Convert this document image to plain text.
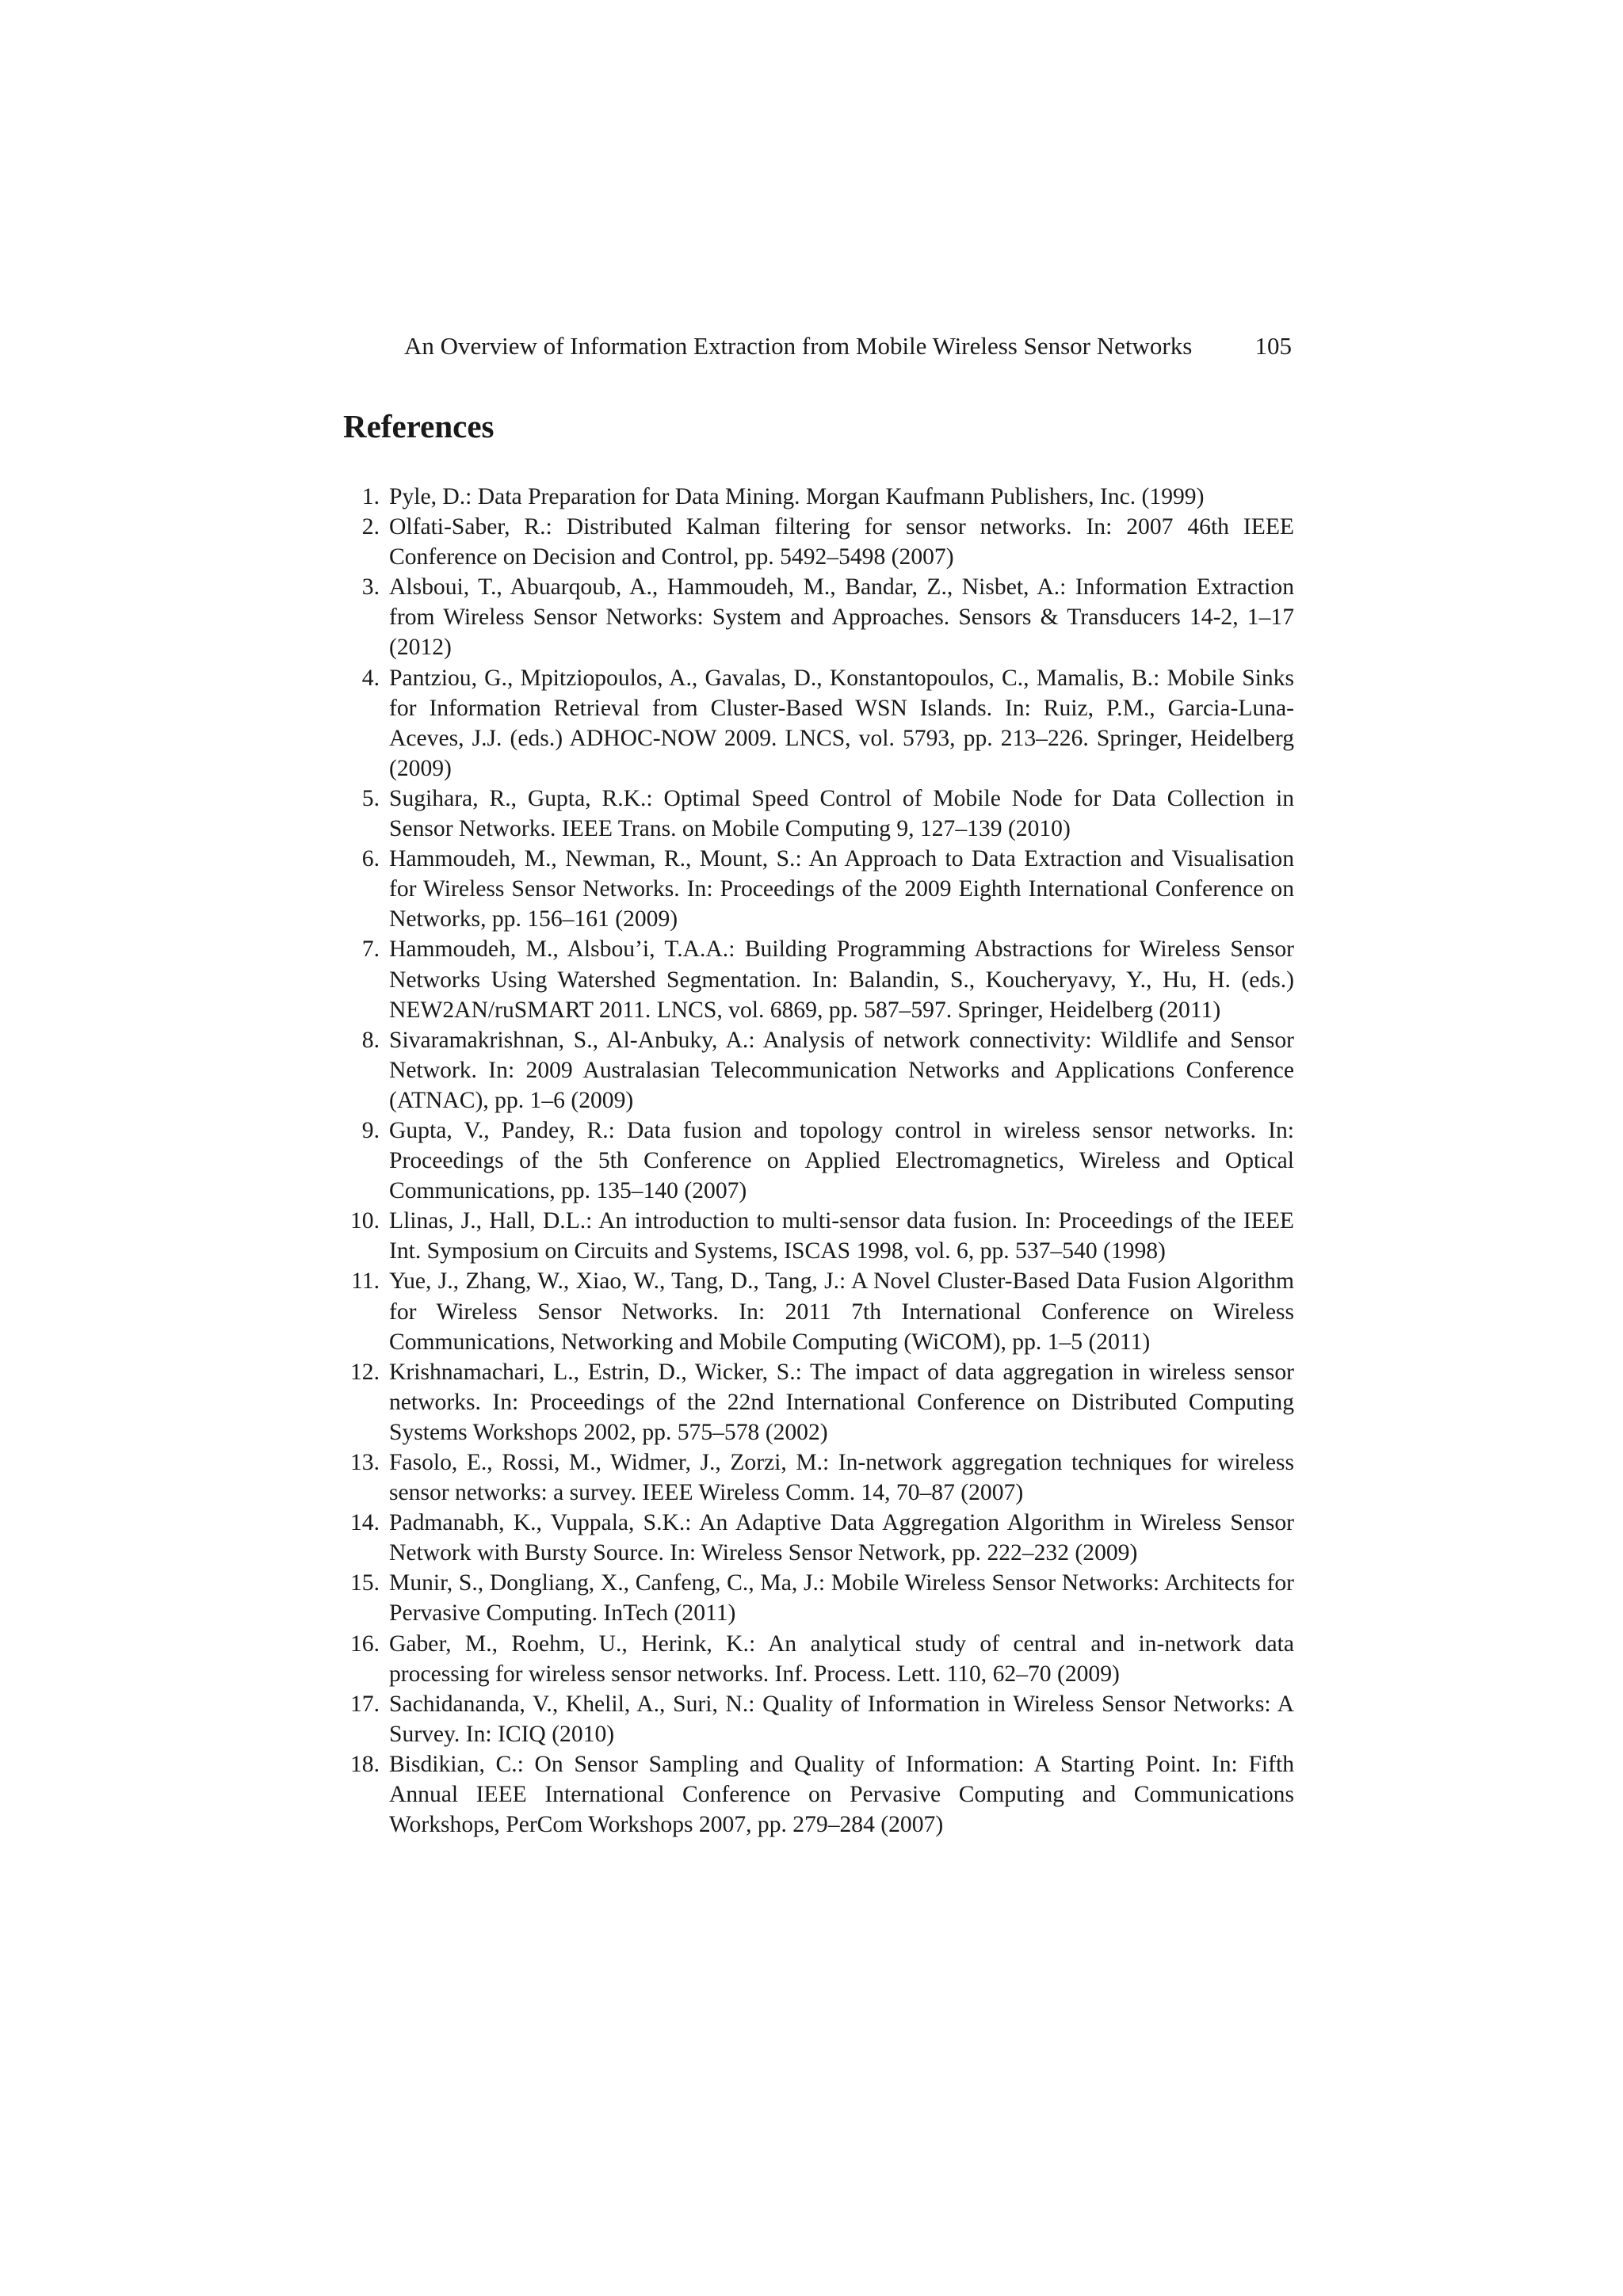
An Overview of Information Extraction from Mobile Wireless Sensor Networks	105
References
1. Pyle, D.: Data Preparation for Data Mining. Morgan Kaufmann Publishers, Inc. (1999)
2. Olfati-Saber, R.: Distributed Kalman filtering for sensor networks. In: 2007 46th IEEE Conference on Decision and Control, pp. 5492–5498 (2007)
3. Alsboui, T., Abuarqoub, A., Hammoudeh, M., Bandar, Z., Nisbet, A.: Information Extraction from Wireless Sensor Networks: System and Approaches. Sensors & Transducers 14-2, 1–17 (2012)
4. Pantziou, G., Mpitziopoulos, A., Gavalas, D., Konstantopoulos, C., Mamalis, B.: Mobile Sinks for Information Retrieval from Cluster-Based WSN Islands. In: Ruiz, P.M., Garcia-Luna-Aceves, J.J. (eds.) ADHOC-NOW 2009. LNCS, vol. 5793, pp. 213–226. Springer, Heidelberg (2009)
5. Sugihara, R., Gupta, R.K.: Optimal Speed Control of Mobile Node for Data Collection in Sensor Networks. IEEE Trans. on Mobile Computing 9, 127–139 (2010)
6. Hammoudeh, M., Newman, R., Mount, S.: An Approach to Data Extraction and Visualisation for Wireless Sensor Networks. In: Proceedings of the 2009 Eighth International Conference on Networks, pp. 156–161 (2009)
7. Hammoudeh, M., Alsbou’i, T.A.A.: Building Programming Abstractions for Wireless Sensor Networks Using Watershed Segmentation. In: Balandin, S., Koucheryavy, Y., Hu, H. (eds.) NEW2AN/ruSMART 2011. LNCS, vol. 6869, pp. 587–597. Springer, Heidelberg (2011)
8. Sivaramakrishnan, S., Al-Anbuky, A.: Analysis of network connectivity: Wildlife and Sensor Network. In: 2009 Australasian Telecommunication Networks and Applications Conference (ATNAC), pp. 1–6 (2009)
9. Gupta, V., Pandey, R.: Data fusion and topology control in wireless sensor networks. In: Proceedings of the 5th Conference on Applied Electromagnetics, Wireless and Optical Communications, pp. 135–140 (2007)
10. Llinas, J., Hall, D.L.: An introduction to multi-sensor data fusion. In: Proceedings of the IEEE Int. Symposium on Circuits and Systems, ISCAS 1998, vol. 6, pp. 537–540 (1998)
11. Yue, J., Zhang, W., Xiao, W., Tang, D., Tang, J.: A Novel Cluster-Based Data Fusion Algorithm for Wireless Sensor Networks. In: 2011 7th International Conference on Wireless Communications, Networking and Mobile Computing (WiCOM), pp. 1–5 (2011)
12. Krishnamachari, L., Estrin, D., Wicker, S.: The impact of data aggregation in wireless sensor networks. In: Proceedings of the 22nd International Conference on Distributed Computing Systems Workshops 2002, pp. 575–578 (2002)
13. Fasolo, E., Rossi, M., Widmer, J., Zorzi, M.: In-network aggregation techniques for wireless sensor networks: a survey. IEEE Wireless Comm. 14, 70–87 (2007)
14. Padmanabh, K., Vuppala, S.K.: An Adaptive Data Aggregation Algorithm in Wireless Sensor Network with Bursty Source. In: Wireless Sensor Network, pp. 222–232 (2009)
15. Munir, S., Dongliang, X., Canfeng, C., Ma, J.: Mobile Wireless Sensor Networks: Architects for Pervasive Computing. InTech (2011)
16. Gaber, M., Roehm, U., Herink, K.: An analytical study of central and in-network data processing for wireless sensor networks. Inf. Process. Lett. 110, 62–70 (2009)
17. Sachidananda, V., Khelil, A., Suri, N.: Quality of Information in Wireless Sensor Networks: A Survey. In: ICIQ (2010)
18. Bisdikian, C.: On Sensor Sampling and Quality of Information: A Starting Point. In: Fifth Annual IEEE International Conference on Pervasive Computing and Communications Workshops, PerCom Workshops 2007, pp. 279–284 (2007)
